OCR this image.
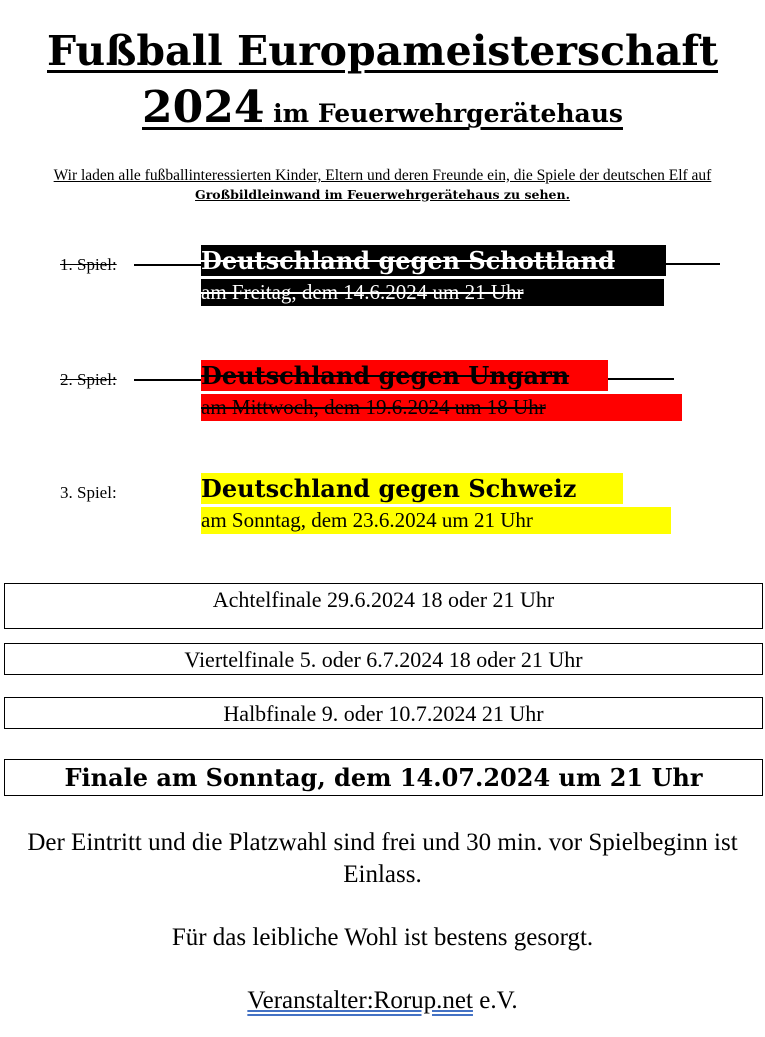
Fußball Europameisterschaft
2024 im Feuerwehrgerätehaus
Wir laden alle fußballinteressierten Kinder, Eltern und deren Freunde ein, die Spiele der deutschen Elf auf Großbildleinwand im Feuerwehrgerätehaus zu sehen.
1. Spiel:	Deutschland gegen Schottland
am Freitag, dem 14.6.2024 um 21 Uhr
2. Spiel:	Deutschland gegen Ungarn
am Mittwoch, dem 19.6.2024 um 18 Uhr
3. Spiel:	Deutschland gegen Schweiz
am Sonntag, dem 23.6.2024 um 21 Uhr
Achtelfinale 29.6.2024 18 oder 21 Uhr
Viertelfinale 5. oder 6.7.2024 18 oder 21 Uhr
Halbfinale 9. oder 10.7.2024 21 Uhr
Finale am Sonntag, dem 14.07.2024 um 21 Uhr
Der Eintritt und die Platzwahl sind frei und 30 min. vor Spielbeginn ist Einlass.
Für das leibliche Wohl ist bestens gesorgt.
Veranstalter:Rorup.net e.V.
